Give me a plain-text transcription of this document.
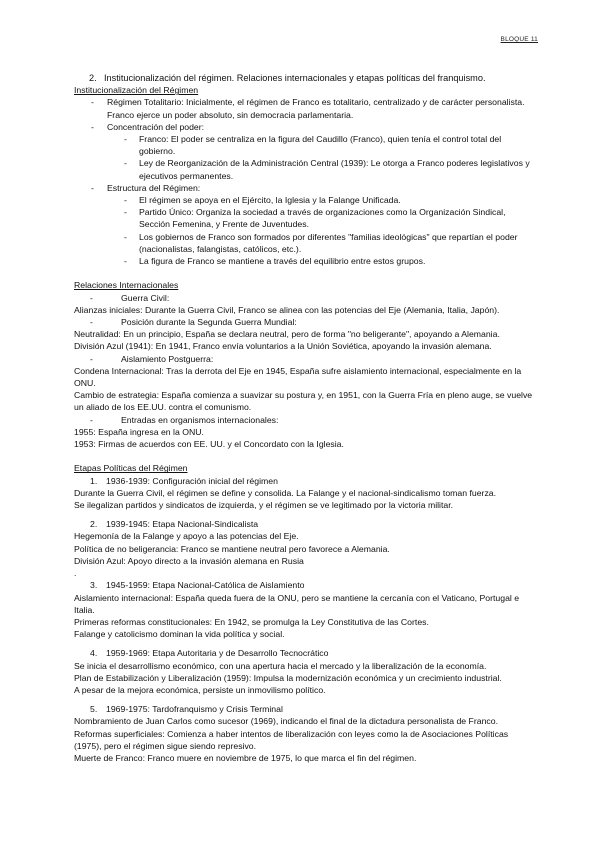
BLOQUE 11
2. Institucionalización del régimen. Relaciones internacionales y etapas políticas del franquismo.
Institucionalización del Régimen
- Régimen Totalitario: Inicialmente, el régimen de Franco es totalitario, centralizado y de carácter personalista. Franco ejerce un poder absoluto, sin democracia parlamentaria.
- Concentración del poder:
- Franco: El poder se centraliza en la figura del Caudillo (Franco), quien tenía el control total del gobierno.
- Ley de Reorganización de la Administración Central (1939): Le otorga a Franco poderes legislativos y ejecutivos permanentes.
- Estructura del Régimen:
- El régimen se apoya en el Ejército, la Iglesia y la Falange Unificada.
- Partido Único: Organiza la sociedad a través de organizaciones como la Organización Sindical, Sección Femenina, y Frente de Juventudes.
- Los gobiernos de Franco son formados por diferentes "familias ideológicas" que repartían el poder (nacionalistas, falangistas, católicos, etc.).
- La figura de Franco se mantiene a través del equilibrio entre estos grupos.
Relaciones Internacionales
- Guerra Civil:
Alianzas iniciales: Durante la Guerra Civil, Franco se alinea con las potencias del Eje (Alemania, Italia, Japón).
- Posición durante la Segunda Guerra Mundial:
Neutralidad: En un principio, España se declara neutral, pero de forma "no beligerante", apoyando a Alemania.
División Azul (1941): En 1941, Franco envía voluntarios a la Unión Soviética, apoyando la invasión alemana.
- Aislamiento Postguerra:
Condena Internacional: Tras la derrota del Eje en 1945, España sufre aislamiento internacional, especialmente en la ONU.
Cambio de estrategia: España comienza a suavizar su postura y, en 1951, con la Guerra Fría en pleno auge, se vuelve un aliado de los EE.UU. contra el comunismo.
- Entradas en organismos internacionales:
1955: España ingresa en la ONU.
1953: Firmas de acuerdos con EE. UU. y el Concordato con la Iglesia.
Etapas Políticas del Régimen
1. 1936-1939: Configuración inicial del régimen
Durante la Guerra Civil, el régimen se define y consolida. La Falange y el nacional-sindicalismo toman fuerza.
Se ilegalizan partidos y sindicatos de izquierda, y el régimen se ve legitimado por la victoria militar.
2. 1939-1945: Etapa Nacional-Sindicalista
Hegemonía de la Falange y apoyo a las potencias del Eje.
Política de no beligerancia: Franco se mantiene neutral pero favorece a Alemania.
División Azul: Apoyo directo a la invasión alemana en Rusia
.
3. 1945-1959: Etapa Nacional-Católica de Aislamiento
Aislamiento internacional: España queda fuera de la ONU, pero se mantiene la cercanía con el Vaticano, Portugal e Italia.
Primeras reformas constitucionales: En 1942, se promulga la Ley Constitutiva de las Cortes.
Falange y catolicismo dominan la vida política y social.
4. 1959-1969: Etapa Autoritaria y de Desarrollo Tecnocrático
Se inicia el desarrollismo económico, con una apertura hacia el mercado y la liberalización de la economía.
Plan de Estabilización y Liberalización (1959): Impulsa la modernización económica y un crecimiento industrial.
A pesar de la mejora económica, persiste un inmovilismo político.
5. 1969-1975: Tardofranquismo y Crisis Terminal
Nombramiento de Juan Carlos como sucesor (1969), indicando el final de la dictadura personalista de Franco.
Reformas superficiales: Comienza a haber intentos de liberalización con leyes como la de Asociaciones Políticas (1975), pero el régimen sigue siendo represivo.
Muerte de Franco: Franco muere en noviembre de 1975, lo que marca el fin del régimen.
